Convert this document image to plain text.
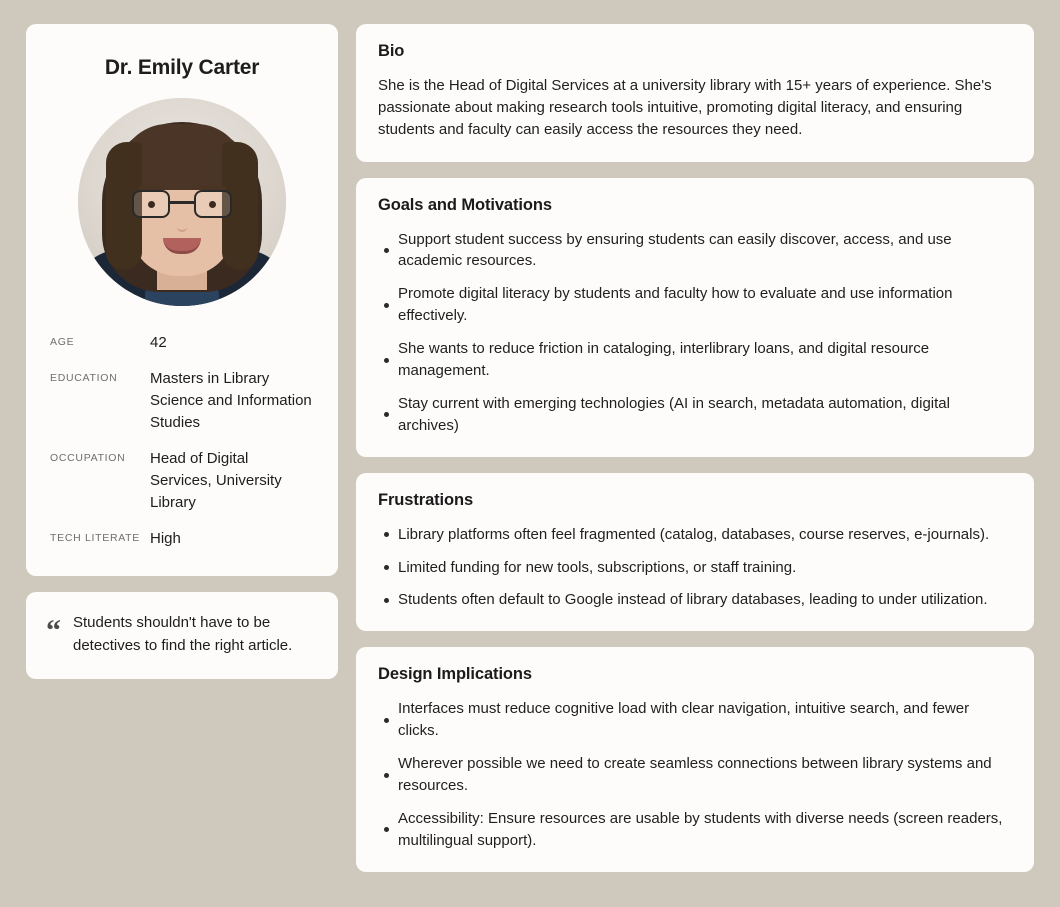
Dr. Emily Carter
AGE	42
EDUCATION	Masters in Library Science and Information Studies
OCCUPATION	Head of Digital Services, University Library
TECH LITERATE High
“ Students shouldn't have to be detectives to find the right article.
Bio
She is the Head of Digital Services at a university library with 15+ years of experience. She's passionate about making research tools intuitive, promoting digital literacy, and ensuring students and faculty can easily access the resources they need.
Goals and Motivations
Support student success by ensuring students can easily discover, access, and use academic resources.
Promote digital literacy by students and faculty how to evaluate and use information effectively.
She wants to reduce friction in cataloging, interlibrary loans, and digital resource management.
Stay current with emerging technologies (AI in search, metadata automation, digital archives)
Frustrations
Library platforms often feel fragmented (catalog, databases, course reserves, e-journals).
Limited funding for new tools, subscriptions, or staff training.
Students often default to Google instead of library databases, leading to under utilization.
Design Implications
Interfaces must reduce cognitive load with clear navigation, intuitive search, and fewer clicks.
Wherever possible we need to create seamless connections between library systems and resources.
Accessibility: Ensure resources are usable by students with diverse needs (screen readers, multilingual support).
